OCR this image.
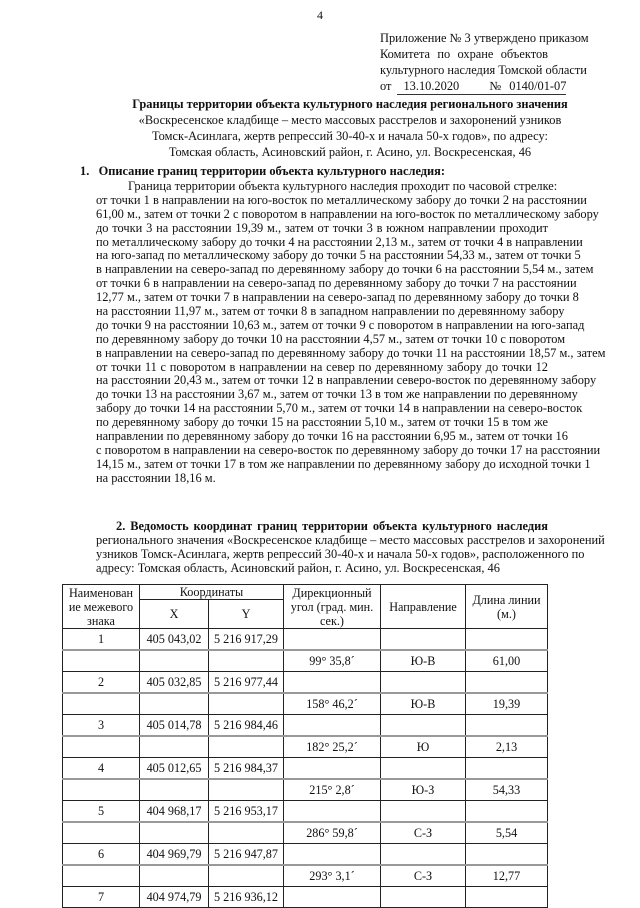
4
Приложение № 3 утверждено приказом
Комитета по охране объектов
культурного наследия Томской области
от 13.10.2020	№ 0140/01-07
Границы территории объекта культурного наследия регионального значения
«Воскресенское кладбище – место массовых расстрелов и захоронений узников
Томск-Асинлага, жертв репрессий 30-40-х и начала 50-х годов», по адресу:
Томская область, Асиновский район, г. Асино, ул. Воскресенская, 46
1.   Описание границ территории объекта культурного наследия:
Граница территории объекта культурного наследия проходит по часовой стрелке:
от точки 1 в направлении на юго-восток по металлическому забору до точки 2 на расстоянии
61,00 м., затем от точки 2 с поворотом в направлении на юго-восток по металлическому забору
до точки 3 на расстоянии 19,39 м., затем от точки 3 в южном направлении проходит
по металлическому забору до точки 4 на расстоянии 2,13 м., затем от точки 4 в направлении
на юго-запад по металлическому забору до точки 5 на расстоянии 54,33 м., затем от точки 5
в направлении на северо-запад по деревянному забору до точки 6 на расстоянии 5,54 м., затем
от точки 6 в направлении на северо-запад по деревянному забору до точки 7 на расстоянии
12,77 м., затем от точки 7 в направлении на северо-запад по деревянному забору до точки 8
на расстоянии 11,97 м., затем от точки 8 в западном направлении по деревянному забору
до точки 9 на расстоянии 10,63 м., затем от точки 9 с поворотом в направлении на юго-запад
по деревянному забору до точки 10 на расстоянии 4,57 м., затем от точки 10 с поворотом
в направлении на северо-запад по деревянному забору до точки 11 на расстоянии 18,57 м., затем
от точки 11 с поворотом в направлении на север по деревянному забору до точки 12
на расстоянии 20,43 м., затем от точки 12 в направлении северо-восток по деревянному забору
до точки 13 на расстоянии 3,67 м., затем от точки 13 в том же направлении по деревянному
забору до точки 14 на расстоянии 5,70 м., затем от точки 14 в направлении на северо-восток
по деревянному забору до точки 15 на расстоянии 5,10 м., затем от точки 15 в том же
направлении по деревянному забору до точки 16 на расстоянии 6,95 м., затем от точки 16
с поворотом в направлении на северо-восток по деревянному забору до точки 17 на расстоянии
14,15 м., затем от точки 17 в том же направлении по деревянному забору до исходной точки 1
на расстоянии 18,16 м.
2. Ведомость координат границ территории объекта культурного наследия
регионального значения «Воскресенское кладбище – место массовых расстрелов и захоронений
узников Томск-Асинлага, жертв репрессий 30-40-х и начала 50-х годов», расположенного по
адресу: Томская область, Асиновский район, г. Асино, ул. Воскресенская, 46
Наименован ие межевого знака	Координаты		Дирекционный угол (град. мин. сек.)	Направление	Длина линии (м.)
	X	Y			
1	405 043,02	5 216 917,29			
			99° 35,8´	Ю-В	61,00
2	405 032,85	5 216 977,44			
			158° 46,2´	Ю-В	19,39
3	405 014,78	5 216 984,46			
			182° 25,2´	Ю	2,13
4	405 012,65	5 216 984,37			
			215° 2,8´	Ю-З	54,33
5	404 968,17	5 216 953,17			
			286° 59,8´	С-З	5,54
6	404 969,79	5 216 947,87			
			293° 3,1´	С-З	12,77
7	404 974,79	5 216 936,12			
